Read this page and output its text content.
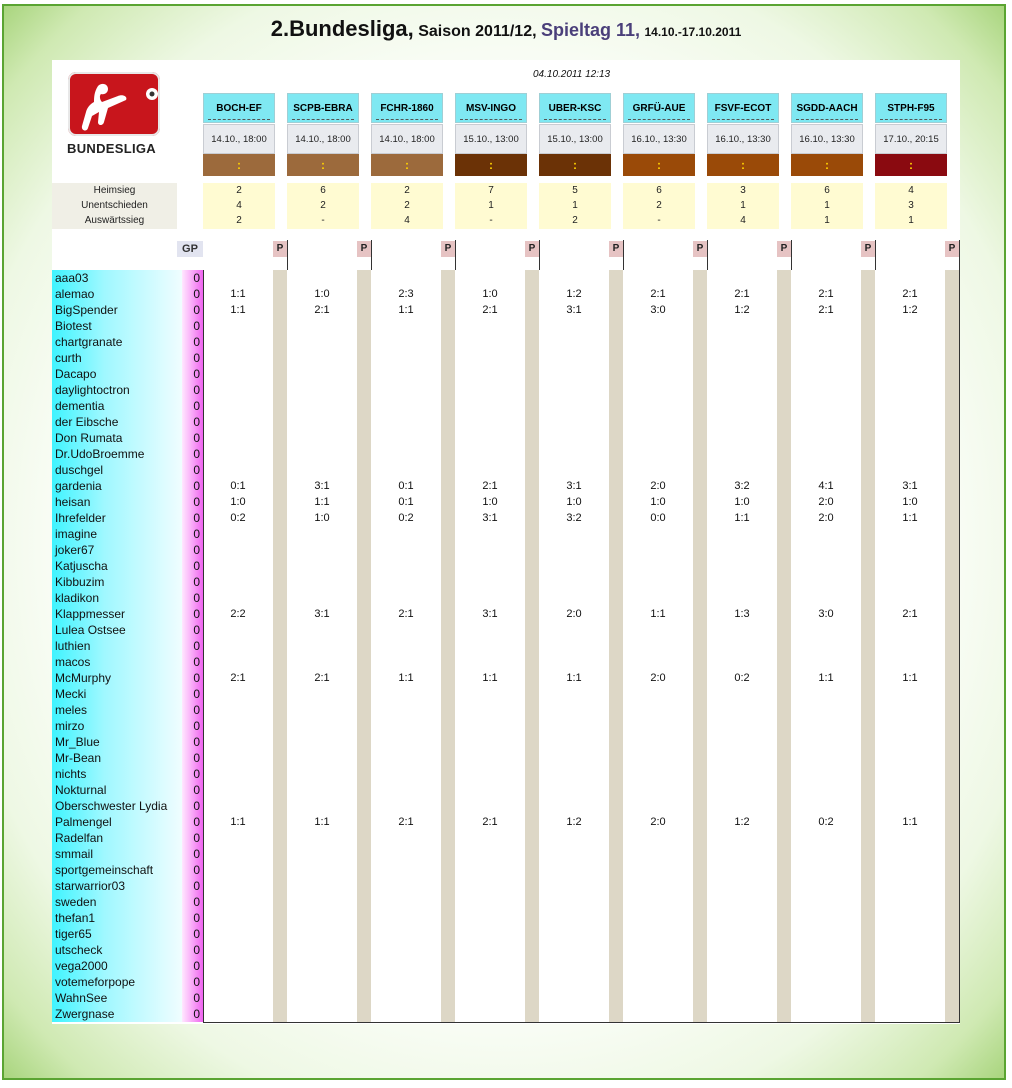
2.Bundesliga, Saison 2011/12, Spieltag 11, 14.10.-17.10.2011
04.10.2011 12:13
BUNDESLIGA
Heimsieg
Unentschieden
Auswärtssieg
GP
aaa03
alemao
BigSpender
Biotest
chartgranate
curth
Dacapo
daylightoctron
dementia
der Eibsche
Don Rumata
Dr.UdoBroemme
duschgel
gardenia
heisan
Ihrefelder
imagine
joker67
Katjuscha
Kibbuzim
kladikon
Klappmesser
Lulea Ostsee
luthien
macos
McMurphy
Mecki
meles
mirzo
Mr_Blue
Mr-Bean
nichts
Nokturnal
Oberschwester Lydia
Palmengel
Radelfan
smmail
sportgemeinschaft
starwarrior03
sweden
thefan1
tiger65
utscheck
vega2000
votemeforpope
WahnSee
Zwergnase
0
0
0
0
0
0
0
0
0
0
0
0
0
0
0
0
0
0
0
0
0
0
0
0
0
0
0
0
0
0
0
0
0
0
0
0
0
0
0
0
0
0
0
0
0
0
0
BOCH-EF
14.10., 18:00
:
2
4
2
P
1:1
1:1
0:1
1:0
0:2
2:2
2:1
1:1
SCPB-EBRA
14.10., 18:00
:
6
2
-
P
1:0
2:1
3:1
1:1
1:0
3:1
2:1
1:1
FCHR-1860
14.10., 18:00
:
2
2
4
P
2:3
1:1
0:1
0:1
0:2
2:1
1:1
2:1
MSV-INGO
15.10., 13:00
:
7
1
-
P
1:0
2:1
2:1
1:0
3:1
3:1
1:1
2:1
UBER-KSC
15.10., 13:00
:
5
1
2
P
1:2
3:1
3:1
1:0
3:2
2:0
1:1
1:2
GRFÜ-AUE
16.10., 13:30
:
6
2
-
P
2:1
3:0
2:0
1:0
0:0
1:1
2:0
2:0
FSVF-ECOT
16.10., 13:30
:
3
1
4
P
2:1
1:2
3:2
1:0
1:1
1:3
0:2
1:2
SGDD-AACH
16.10., 13:30
:
6
1
1
P
2:1
2:1
4:1
2:0
2:0
3:0
1:1
0:2
STPH-F95
17.10., 20:15
:
4
3
1
P
2:1
1:2
3:1
1:0
1:1
2:1
1:1
1:1
